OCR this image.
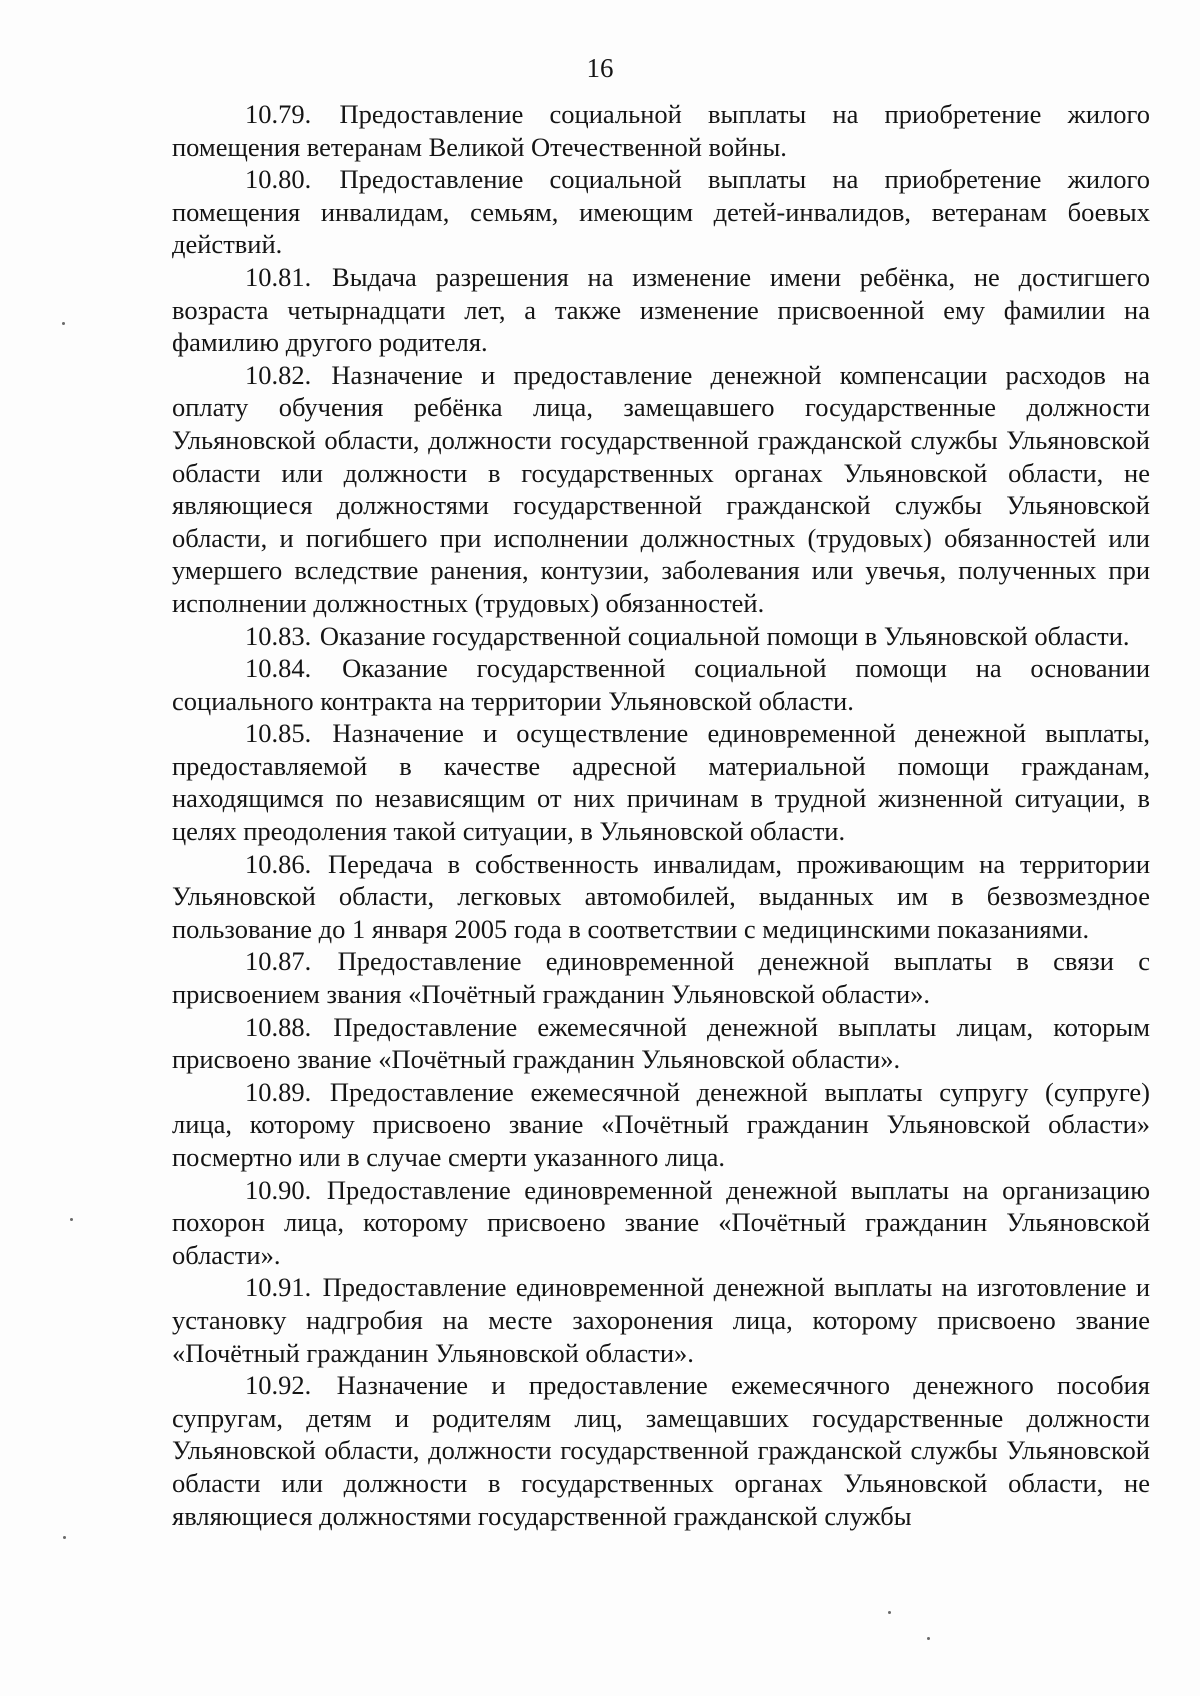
16

10.79. Предоставление социальной выплаты на приобретение жилого помещения ветеранам Великой Отечественной войны.

10.80. Предоставление социальной выплаты на приобретение жилого помещения инвалидам, семьям, имеющим детей-инвалидов, ветеранам боевых действий.

10.81. Выдача разрешения на изменение имени ребёнка, не достигшего возраста четырнадцати лет, а также изменение присвоенной ему фамилии на фамилию другого родителя.

10.82. Назначение и предоставление денежной компенсации расходов на оплату обучения ребёнка лица, замещавшего государственные должности Ульяновской области, должности государственной гражданской службы Ульяновской области или должности в государственных органах Ульяновской области, не являющиеся должностями государственной гражданской службы Ульяновской области, и погибшего при исполнении должностных (трудовых) обязанностей или умершего вследствие ранения, контузии, заболевания или увечья, полученных при исполнении должностных (трудовых) обязанностей.

10.83. Оказание государственной социальной помощи в Ульяновской области.

10.84. Оказание государственной социальной помощи на основании социального контракта на территории Ульяновской области.

10.85. Назначение и осуществление единовременной денежной выплаты, предоставляемой в качестве адресной материальной помощи гражданам, находящимся по независящим от них причинам в трудной жизненной ситуации, в целях преодоления такой ситуации, в Ульяновской области.

10.86. Передача в собственность инвалидам, проживающим на территории Ульяновской области, легковых автомобилей, выданных им в безвозмездное пользование до 1 января 2005 года в соответствии с медицинскими показаниями.

10.87. Предоставление единовременной денежной выплаты в связи с присвоением звания «Почётный гражданин Ульяновской области».

10.88. Предоставление ежемесячной денежной выплаты лицам, которым присвоено звание «Почётный гражданин Ульяновской области».

10.89. Предоставление ежемесячной денежной выплаты супругу (супруге) лица, которому присвоено звание «Почётный гражданин Ульяновской области» посмертно или в случае смерти указанного лица.

10.90. Предоставление единовременной денежной выплаты на организацию похорон лица, которому присвоено звание «Почётный гражданин Ульяновской области».

10.91. Предоставление единовременной денежной выплаты на изготовление и установку надгробия на месте захоронения лица, которому присвоено звание «Почётный гражданин Ульяновской области».

10.92. Назначение и предоставление ежемесячного денежного пособия супругам, детям и родителям лиц, замещавших государственные должности Ульяновской области, должности государственной гражданской службы Ульяновской области или должности в государственных органах Ульяновской области, не являющиеся должностями государственной гражданской службы
